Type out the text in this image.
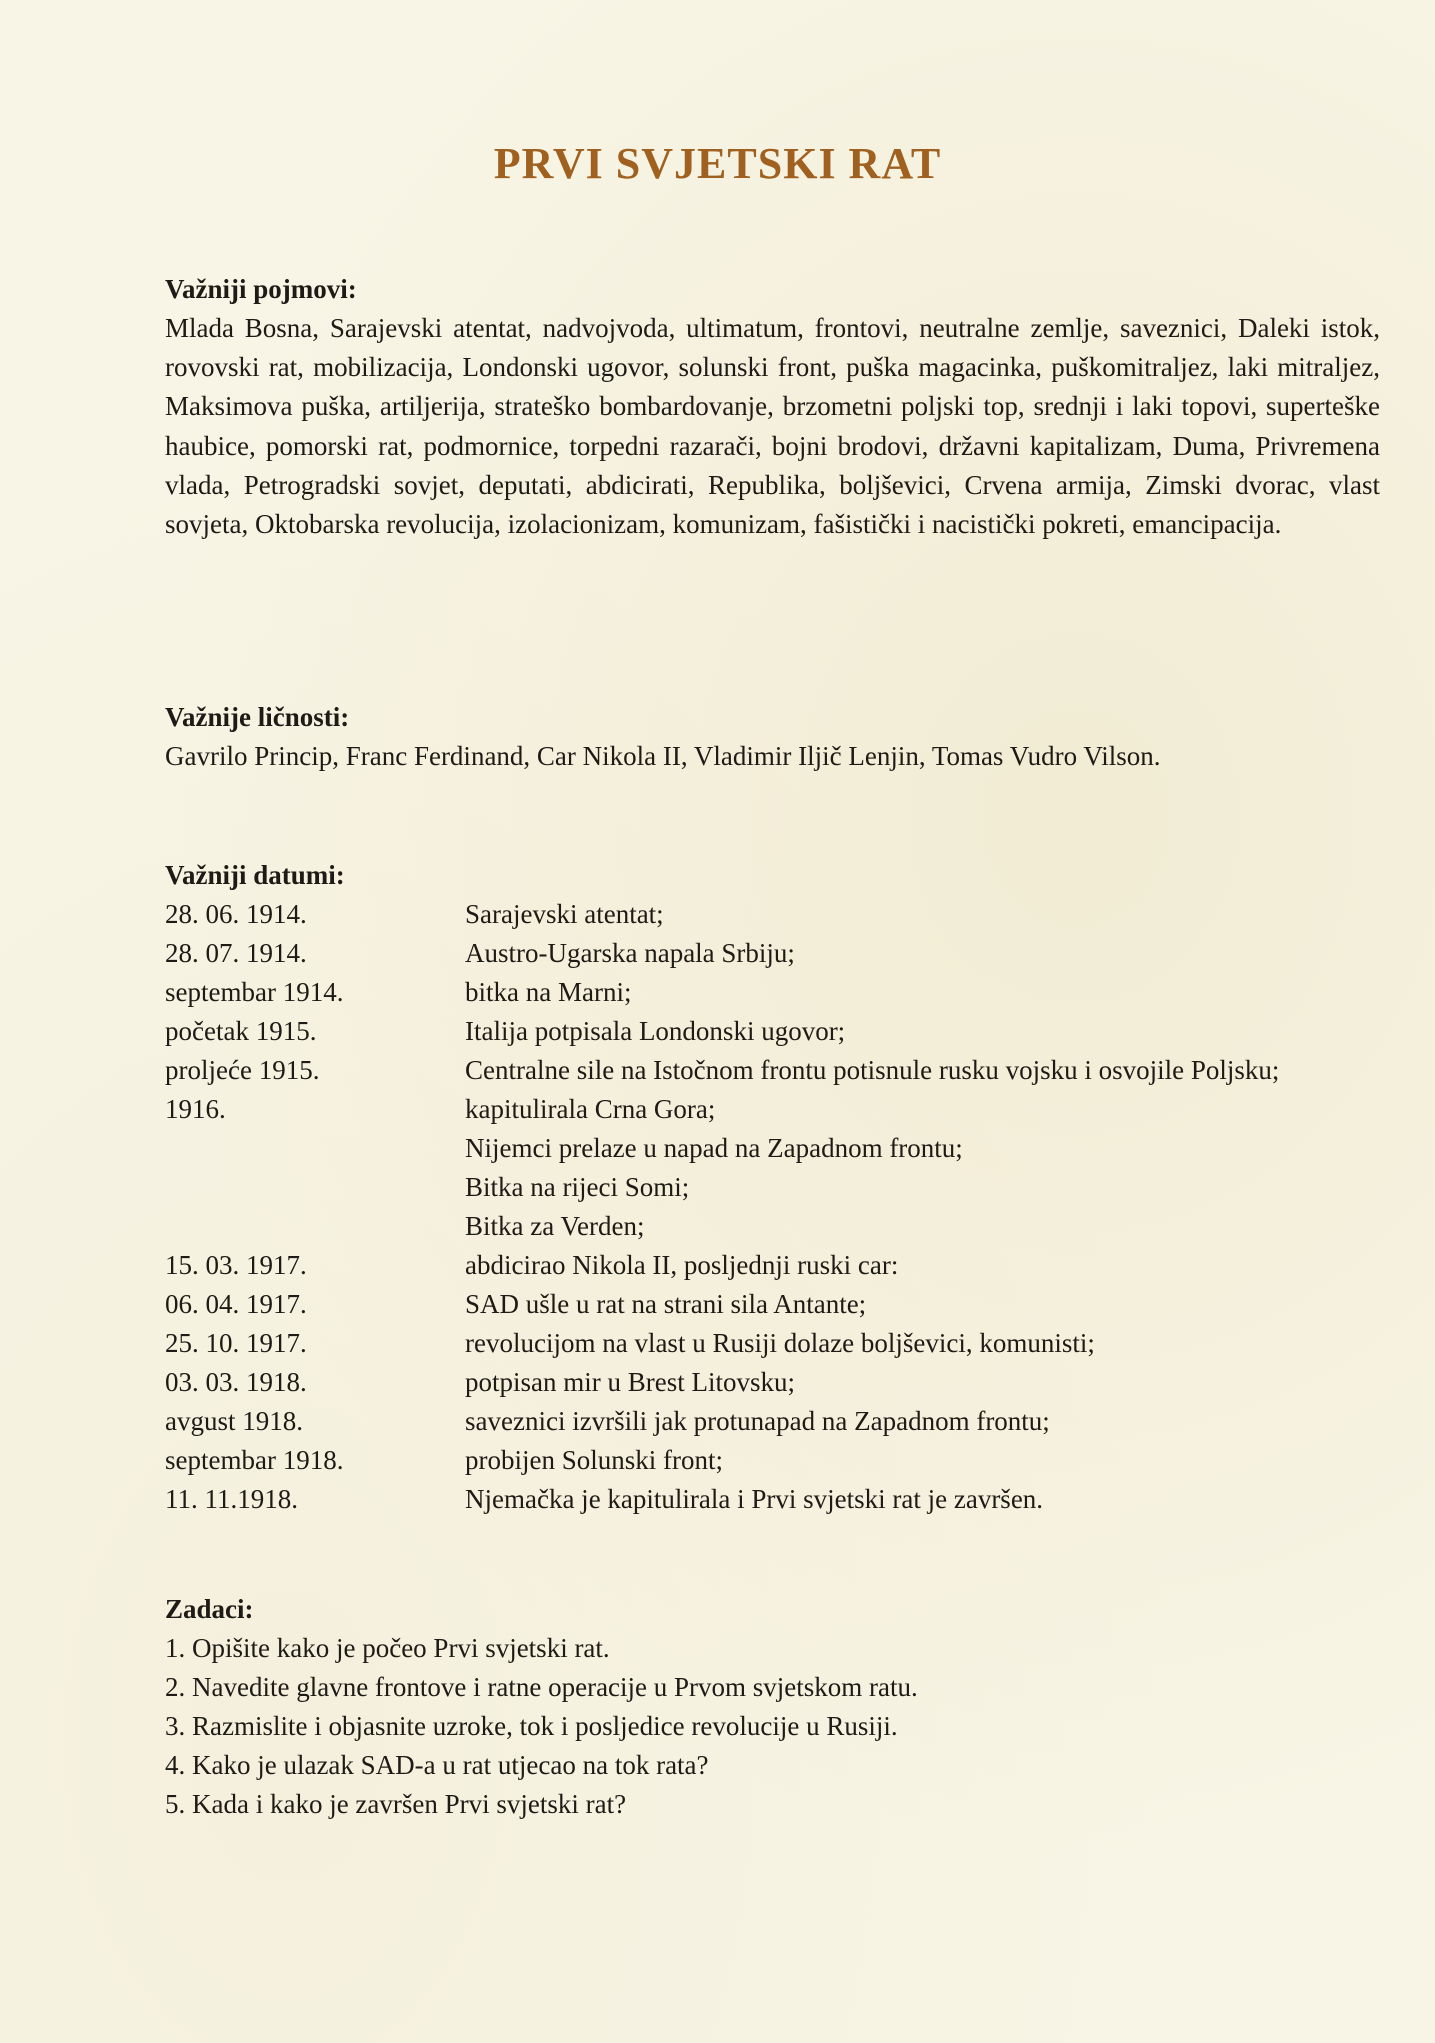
PRVI SVJETSKI RAT

Važniji pojmovi:

Mlada Bosna, Sarajevski atentat, nadvojvoda, ultimatum, frontovi, neutralne zemlje, saveznici, Daleki istok, rovovski rat, mobilizacija, Londonski ugovor, solunski front, puška magacinka, puškomitraljez, laki mitraljez, Maksimova puška, artiljerija, strateško bombardovanje, brzometni poljski top, srednji i laki topovi, superteške haubice, pomorski rat, podmornice, torpedni razarači, bojni brodovi, državni kapitalizam, Duma, Privremena vlada, Petrogradski sovjet, deputati, abdicirati, Republika, boljševici, Crvena armija, Zimski dvorac, vlast sovjeta, Oktobarska revolucija, izolacionizam, komunizam, fašistički i nacistički pokreti, emancipacija.

Važnije ličnosti:

Gavrilo Princip, Franc Ferdinand, Car Nikola II, Vladimir Iljič Lenjin, Tomas Vudro Vilson.

Važniji datumi:

28. 06. 1914.	Sarajevski atentat;
28. 07. 1914.	Austro-Ugarska napala Srbiju;
septembar 1914.	bitka na Marni;
početak 1915.	Italija potpisala Londonski ugovor;
proljeće 1915.	Centralne sile na Istočnom frontu potisnule rusku vojsku i osvojile Poljsku;
1916.	kapitulirala Crna Gora;
	Nijemci prelaze u napad na Zapadnom frontu;
	Bitka na rijeci Somi;
	Bitka za Verden;
15. 03. 1917.	abdicirao Nikola II, posljednji ruski car:
06. 04. 1917.	SAD ušle u rat na strani sila Antante;
25. 10. 1917.	revolucijom na vlast u Rusiji dolaze boljševici, komunisti;
03. 03. 1918.	potpisan mir u Brest Litovsku;
avgust 1918.	saveznici izvršili jak protunapad na Zapadnom frontu;
septembar 1918.	probijen Solunski front;
11. 11.1918.	Njemačka je kapitulirala i Prvi svjetski rat je završen.

Zadaci:

1. Opišite kako je počeo Prvi svjetski rat.
2. Navedite glavne frontove i ratne operacije u Prvom svjetskom ratu.
3. Razmislite i objasnite uzroke, tok i posljedice revolucije u Rusiji.
4. Kako je ulazak SAD-a u rat utjecao na tok rata?
5. Kada i kako je završen Prvi svjetski rat?
